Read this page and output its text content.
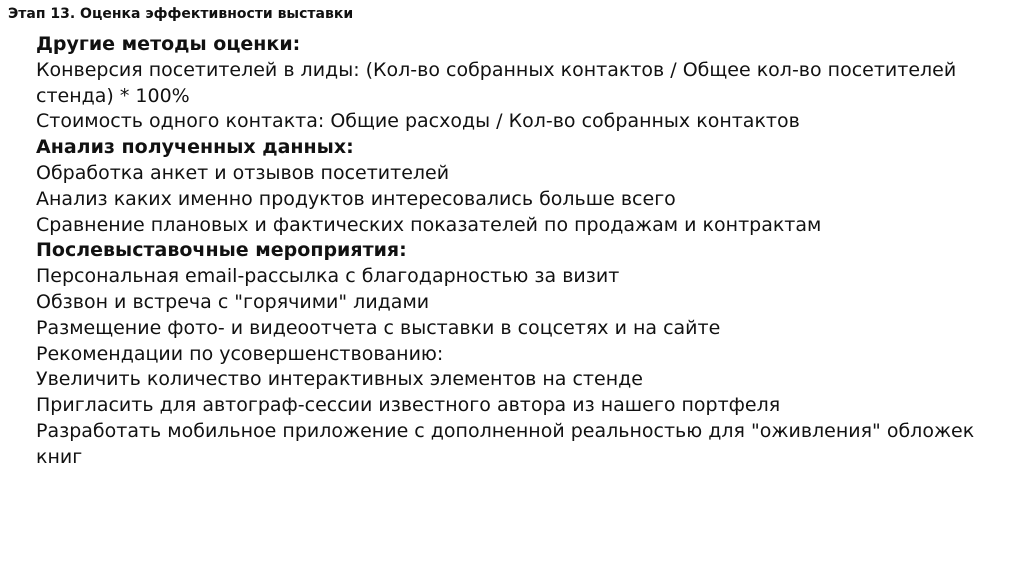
Этап 13. Оценка эффективности выставки
Другие методы оценки:
Конверсия посетителей в лиды: (Кол-во собранных контактов / Общее кол-во посетителей стенда) * 100%
Стоимость одного контакта: Общие расходы / Кол-во собранных контактов
Анализ полученных данных:
Обработка анкет и отзывов посетителей
Анализ каких именно продуктов интересовались больше всего
Сравнение плановых и фактических показателей по продажам и контрактам
Послевыставочные мероприятия:
Персональная email-рассылка с благодарностью за визит
Обзвон и встреча с "горячими" лидами
Размещение фото- и видеоотчета с выставки в соцсетях и на сайте
Рекомендации по усовершенствованию:
Увеличить количество интерактивных элементов на стенде
Пригласить для автограф-сессии известного автора из нашего портфеля
Разработать мобильное приложение с дополненной реальностью для "оживления" обложек книг
